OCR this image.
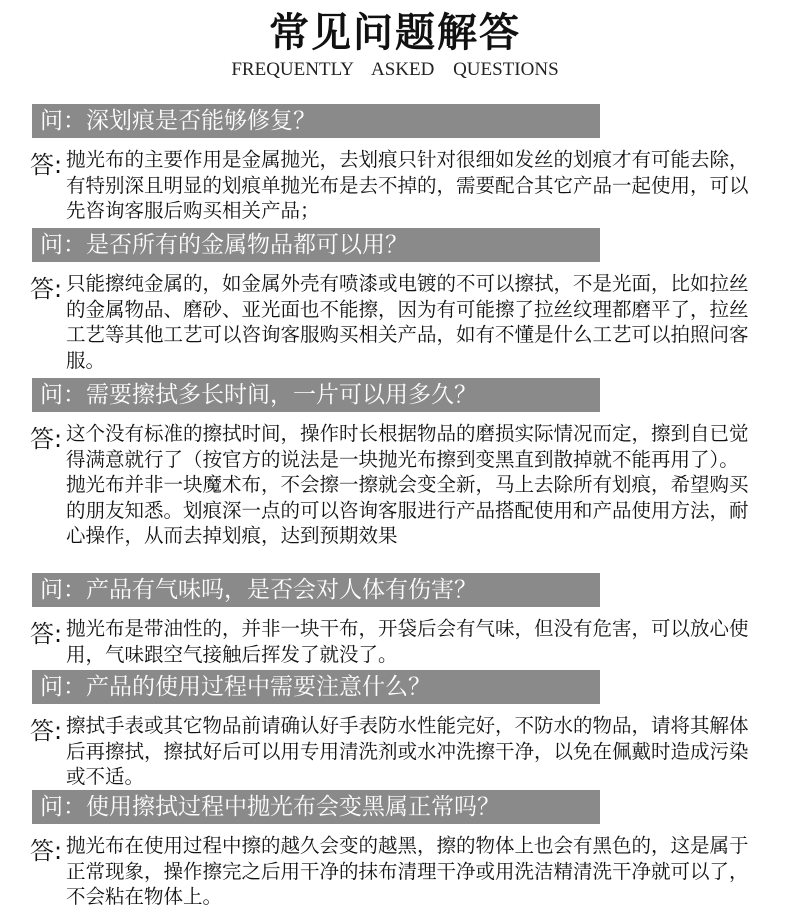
常见问题解答
FREQUENTLY ASKED QUESTIONS
问：深划痕是否能够修复？
答: 抛光布的主要作用是金属抛光，去划痕只针对很细如发丝的划痕才有可能去除，有特别深且明显的划痕单抛光布是去不掉的，需要配合其它产品一起使用，可以先咨询客服后购买相关产品；

问：是否所有的金属物品都可以用？
答: 只能擦纯金属的，如金属外壳有喷漆或电镀的不可以擦拭，不是光面，比如拉丝的金属物品、磨砂、亚光面也不能擦，因为有可能擦了拉丝纹理都磨平了，拉丝工艺等其他工艺可以咨询客服购买相关产品，如有不懂是什么工艺可以拍照问客服。

问：需要擦拭多长时间，一片可以用多久？
答: 这个没有标准的擦拭时间，操作时长根据物品的磨损实际情况而定，擦到自已觉得满意就行了（按官方的说法是一块抛光布擦到变黑直到散掉就不能再用了）。

抛光布并非一块魔术布，不会擦一擦就会变全新，马上去除所有划痕，希望购买的朋友知悉。划痕深一点的可以咨询客服进行产品搭配使用和产品使用方法，耐心操作，从而去掉划痕，达到预期效果

问：产品有气味吗，是否会对人体有伤害？
答: 抛光布是带油性的，并非一块干布，开袋后会有气味，但没有危害，可以放心使用，气味跟空气接触后挥发了就没了。

问：产品的使用过程中需要注意什么？
答: 擦拭手表或其它物品前请确认好手表防水性能完好，不防水的物品，请将其解体后再擦拭，擦拭好后可以用专用清洗剂或水冲洗擦干净，以免在佩戴时造成污染或不适。

问：使用擦拭过程中抛光布会变黑属正常吗？
答: 抛光布在使用过程中擦的越久会变的越黑，擦的物体上也会有黑色的，这是属于正常现象，操作擦完之后用干净的抹布清理干净或用洗洁精清洗干净就可以了，不会粘在物体上。
